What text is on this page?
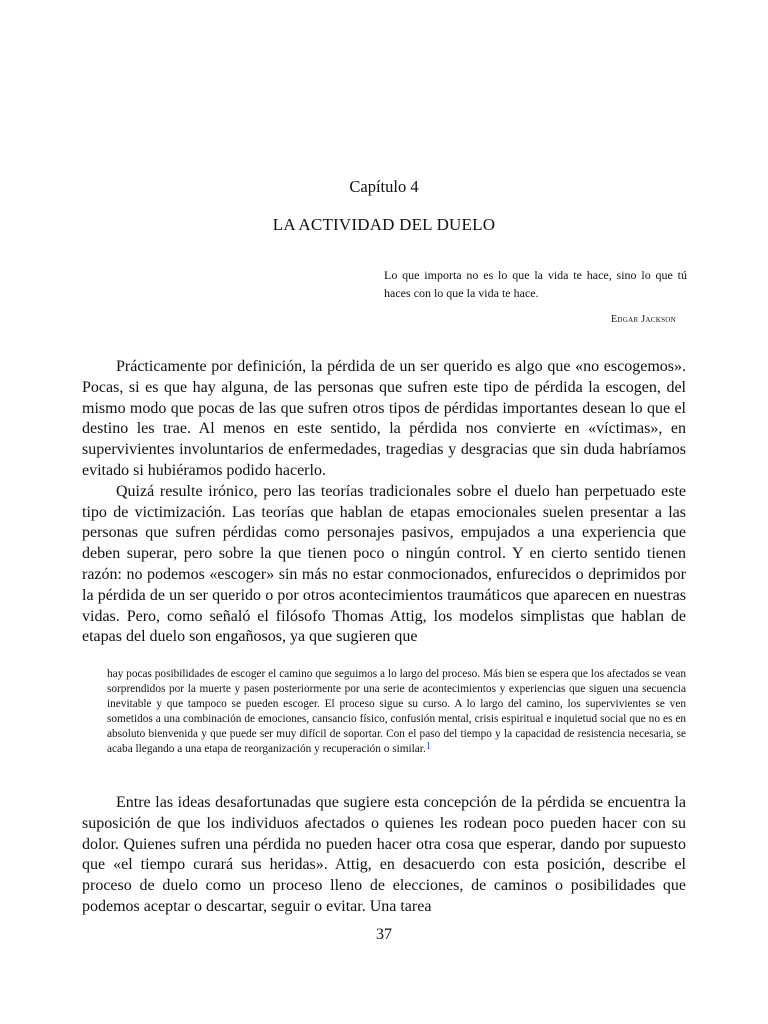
Capítulo 4
LA ACTIVIDAD DEL DUELO
Lo que importa no es lo que la vida te hace, sino lo que tú haces con lo que la vida te hace.
Edgar Jackson

Prácticamente por definición, la pérdida de un ser querido es algo que «no escogemos». Pocas, si es que hay alguna, de las personas que sufren este tipo de pérdida la escogen, del mismo modo que pocas de las que sufren otros tipos de pérdidas importantes desean lo que el destino les trae. Al menos en este sentido, la pérdida nos convierte en «víctimas», en supervivientes involuntarios de enfermedades, tragedias y desgracias que sin duda habríamos evitado si hubiéramos podido hacerlo.

Quizá resulte irónico, pero las teorías tradicionales sobre el duelo han perpetuado este tipo de victimización. Las teorías que hablan de etapas emocionales suelen presentar a las personas que sufren pérdidas como personajes pasivos, empujados a una experiencia que deben superar, pero sobre la que tienen poco o ningún control. Y en cierto sentido tienen razón: no podemos «escoger» sin más no estar conmocionados, enfurecidos o deprimidos por la pérdida de un ser querido o por otros acontecimientos traumáticos que aparecen en nuestras vidas. Pero, como señaló el filósofo Thomas Attig, los modelos simplistas que hablan de etapas del duelo son engañosos, ya que sugieren que

hay pocas posibilidades de escoger el camino que seguimos a lo largo del proceso. Más bien se espera que los afectados se vean sorprendidos por la muerte y pasen posteriormente por una serie de acontecimientos y experiencias que siguen una secuencia inevitable y que tampoco se pueden escoger. El proceso sigue su curso. A lo largo del camino, los supervivientes se ven sometidos a una combinación de emociones, cansancio físico, confusión mental, crisis espiritual e inquietud social que no es en absoluto bienvenida y que puede ser muy difícil de soportar. Con el paso del tiempo y la capacidad de resistencia necesaria, se acaba llegando a una etapa de reorganización y recuperación o similar.$^1$

Entre las ideas desafortunadas que sugiere esta concepción de la pérdida se encuentra la suposición de que los individuos afectados o quienes les rodean poco pueden hacer con su dolor. Quienes sufren una pérdida no pueden hacer otra cosa que esperar, dando por supuesto que «el tiempo curará sus heridas». Attig, en desacuerdo con esta posición, describe el proceso de duelo como un proceso lleno de elecciones, de caminos o posibilidades que podemos aceptar o descartar, seguir o evitar. Una tarea

37
